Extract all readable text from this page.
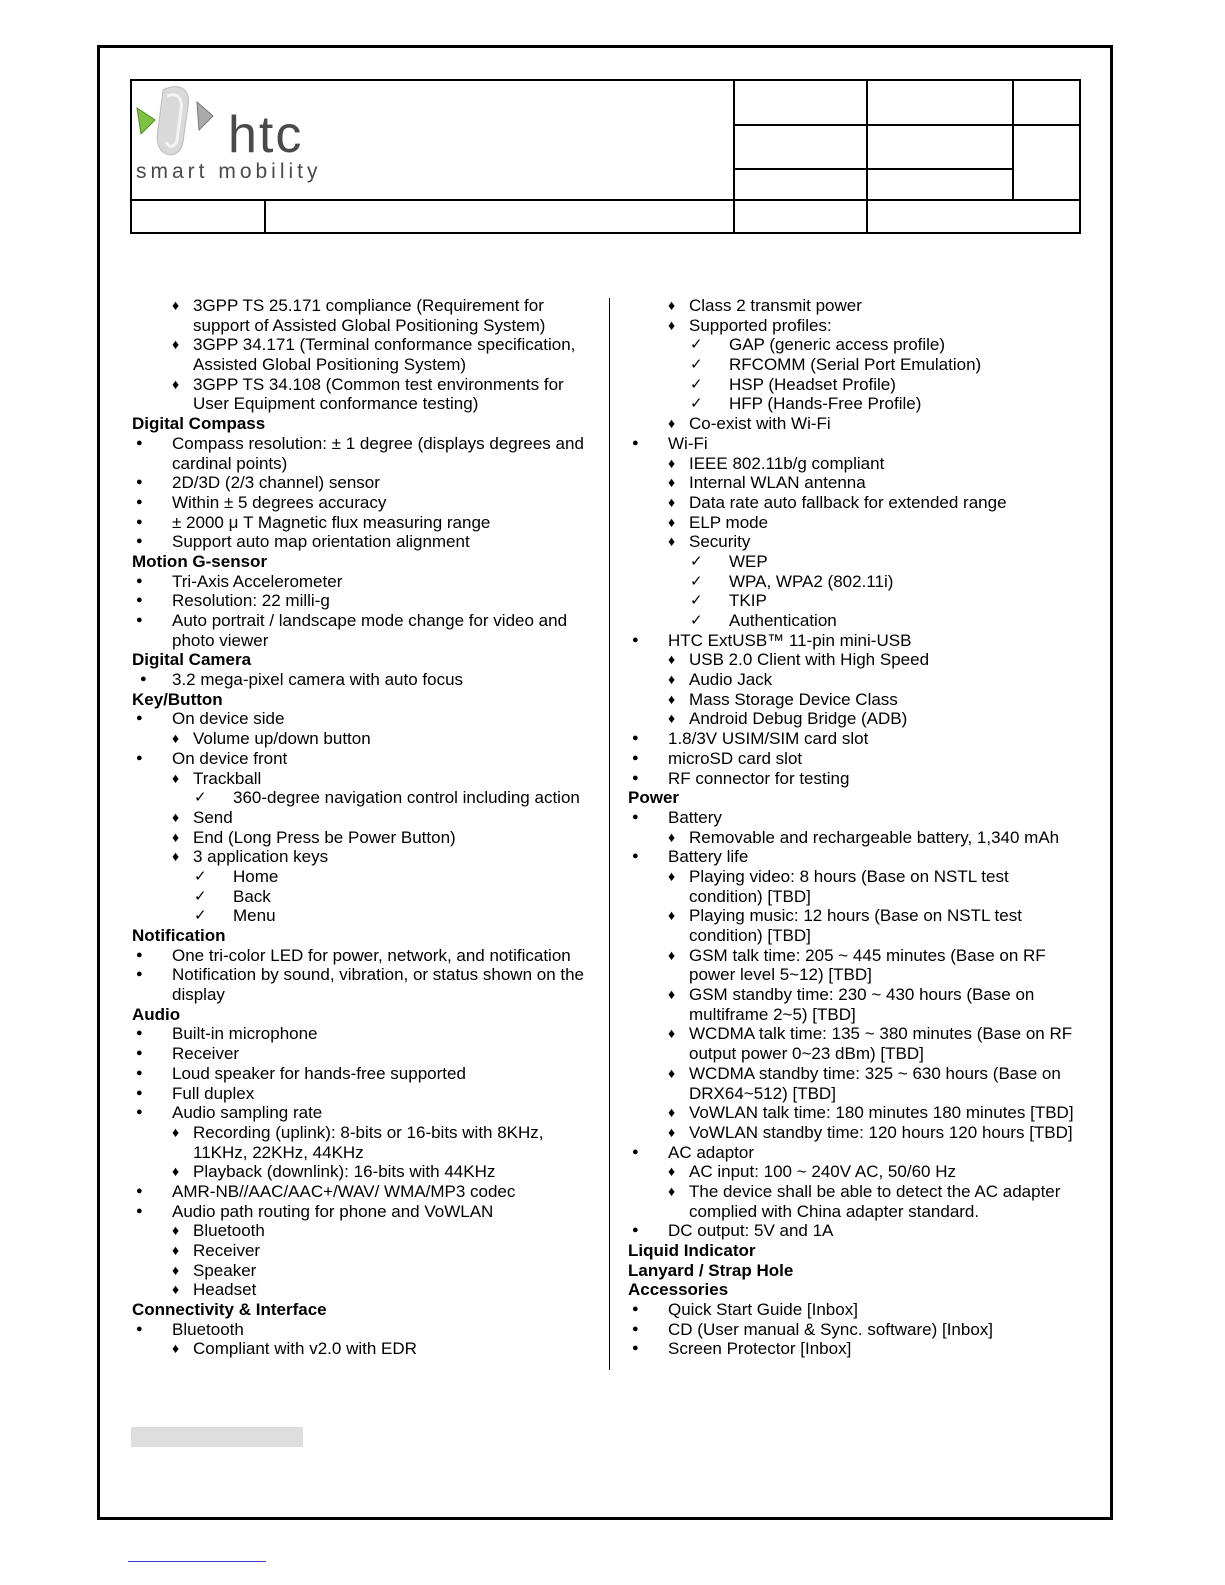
htc
smart mobility
♦ 3GPP TS 25.171 compliance (Requirement for
support of Assisted Global Positioning System)
♦ 3GPP 34.171 (Terminal conformance specification,
Assisted Global Positioning System)
♦ 3GPP TS 34.108 (Common test environments for
User Equipment conformance testing)
Digital Compass
● Compass resolution: ± 1 degree (displays degrees and
cardinal points)
● 2D/3D (2/3 channel) sensor
● Within ± 5 degrees accuracy
● ± 2000 μ T Magnetic flux measuring range
● Support auto map orientation alignment
Motion G-sensor
● Tri-Axis Accelerometer
● Resolution: 22 milli-g
● Auto portrait / landscape mode change for video and
photo viewer
Digital Camera
● 3.2 mega-pixel camera with auto focus
Key/Button
● On device side
♦ Volume up/down button
● On device front
♦ Trackball
✓ 360-degree navigation control including action
♦ Send
♦ End (Long Press be Power Button)
♦ 3 application keys
✓ Home
✓ Back
✓ Menu
Notification
● One tri-color LED for power, network, and notification
● Notification by sound, vibration, or status shown on the
display
Audio
● Built-in microphone
● Receiver
● Loud speaker for hands-free supported
● Full duplex
● Audio sampling rate
♦ Recording (uplink): 8-bits or 16-bits with 8KHz,
11KHz, 22KHz, 44KHz
♦ Playback (downlink): 16-bits with 44KHz
● AMR-NB//AAC/AAC+/WAV/ WMA/MP3 codec
● Audio path routing for phone and VoWLAN
♦ Bluetooth
♦ Receiver
♦ Speaker
♦ Headset
Connectivity & Interface
● Bluetooth
♦ Compliant with v2.0 with EDR
♦ Class 2 transmit power
♦ Supported profiles:
✓ GAP (generic access profile)
✓ RFCOMM (Serial Port Emulation)
✓ HSP (Headset Profile)
✓ HFP (Hands-Free Profile)
♦ Co-exist with Wi-Fi
● Wi-Fi
♦ IEEE 802.11b/g compliant
♦ Internal WLAN antenna
♦ Data rate auto fallback for extended range
♦ ELP mode
♦ Security
✓ WEP
✓ WPA, WPA2 (802.11i)
✓ TKIP
✓ Authentication
● HTC ExtUSB™ 11-pin mini-USB
♦ USB 2.0 Client with High Speed
♦ Audio Jack
♦ Mass Storage Device Class
♦ Android Debug Bridge (ADB)
● 1.8/3V USIM/SIM card slot
● microSD card slot
● RF connector for testing
Power
● Battery
♦ Removable and rechargeable battery, 1,340 mAh
● Battery life
♦ Playing video: 8 hours (Base on NSTL test
condition) [TBD]
♦ Playing music: 12 hours (Base on NSTL test
condition) [TBD]
♦ GSM talk time: 205 ~ 445 minutes (Base on RF
power level 5~12) [TBD]
♦ GSM standby time: 230 ~ 430 hours (Base on
multiframe 2~5) [TBD]
♦ WCDMA talk time: 135 ~ 380 minutes (Base on RF
output power 0~23 dBm) [TBD]
♦ WCDMA standby time: 325 ~ 630 hours (Base on
DRX64~512) [TBD]
♦ VoWLAN talk time: 180 minutes 180 minutes [TBD]
♦ VoWLAN standby time: 120 hours 120 hours [TBD]
● AC adaptor
♦ AC input: 100 ~ 240V AC, 50/60 Hz
♦ The device shall be able to detect the AC adapter
complied with China adapter standard.
● DC output: 5V and 1A
Liquid Indicator
Lanyard / Strap Hole
Accessories
● Quick Start Guide [Inbox]
● CD (User manual & Sync. software) [Inbox]
● Screen Protector [Inbox]
